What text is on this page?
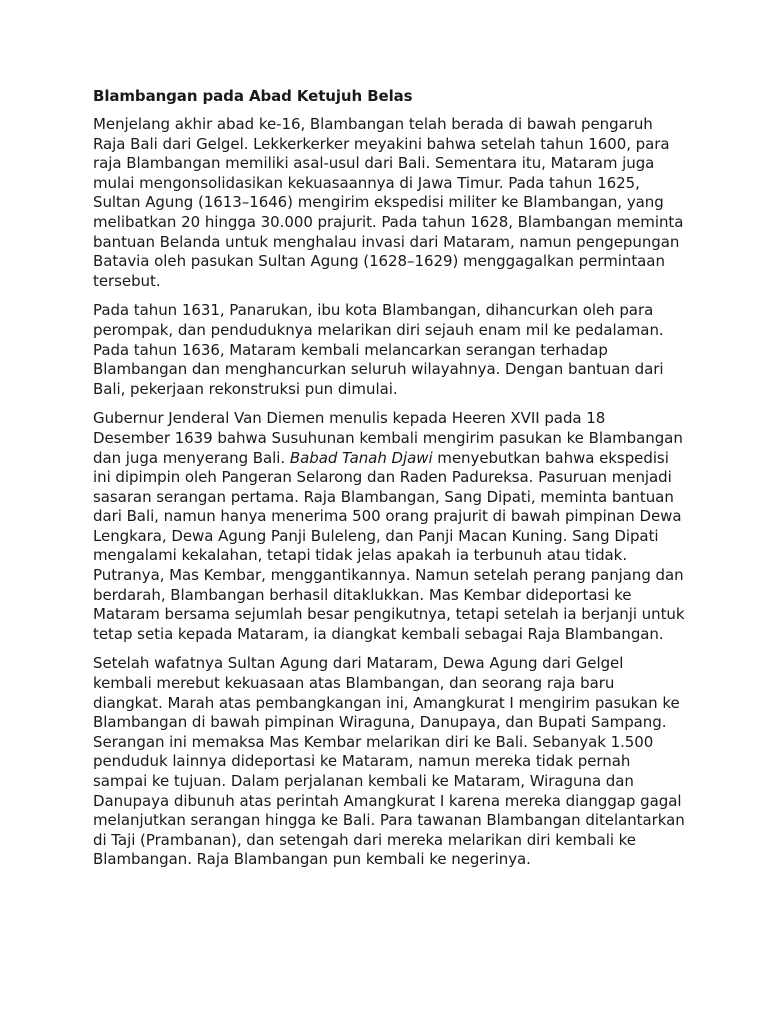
Blambangan pada Abad Ketujuh Belas

Menjelang akhir abad ke-16, Blambangan telah berada di bawah pengaruh Raja Bali dari Gelgel. Lekkerkerker meyakini bahwa setelah tahun 1600, para raja Blambangan memiliki asal-usul dari Bali. Sementara itu, Mataram juga mulai mengonsolidasikan kekuasaannya di Jawa Timur. Pada tahun 1625, Sultan Agung (1613–1646) mengirim ekspedisi militer ke Blambangan, yang melibatkan 20 hingga 30.000 prajurit. Pada tahun 1628, Blambangan meminta bantuan Belanda untuk menghalau invasi dari Mataram, namun pengepungan Batavia oleh pasukan Sultan Agung (1628–1629) menggagalkan permintaan tersebut.

Pada tahun 1631, Panarukan, ibu kota Blambangan, dihancurkan oleh para perompak, dan penduduknya melarikan diri sejauh enam mil ke pedalaman. Pada tahun 1636, Mataram kembali melancarkan serangan terhadap Blambangan dan menghancurkan seluruh wilayahnya. Dengan bantuan dari Bali, pekerjaan rekonstruksi pun dimulai.

Gubernur Jenderal Van Diemen menulis kepada Heeren XVII pada 18 Desember 1639 bahwa Susuhunan kembali mengirim pasukan ke Blambangan dan juga menyerang Bali. Babad Tanah Djawi menyebutkan bahwa ekspedisi ini dipimpin oleh Pangeran Selarong dan Raden Padureksa. Pasuruan menjadi sasaran serangan pertama. Raja Blambangan, Sang Dipati, meminta bantuan dari Bali, namun hanya menerima 500 orang prajurit di bawah pimpinan Dewa Lengkara, Dewa Agung Panji Buleleng, dan Panji Macan Kuning. Sang Dipati mengalami kekalahan, tetapi tidak jelas apakah ia terbunuh atau tidak. Putranya, Mas Kembar, menggantikannya. Namun setelah perang panjang dan berdarah, Blambangan berhasil ditaklukkan. Mas Kembar dideportasi ke Mataram bersama sejumlah besar pengikutnya, tetapi setelah ia berjanji untuk tetap setia kepada Mataram, ia diangkat kembali sebagai Raja Blambangan.

Setelah wafatnya Sultan Agung dari Mataram, Dewa Agung dari Gelgel kembali merebut kekuasaan atas Blambangan, dan seorang raja baru diangkat. Marah atas pembangkangan ini, Amangkurat I mengirim pasukan ke Blambangan di bawah pimpinan Wiraguna, Danupaya, dan Bupati Sampang. Serangan ini memaksa Mas Kembar melarikan diri ke Bali. Sebanyak 1.500 penduduk lainnya dideportasi ke Mataram, namun mereka tidak pernah sampai ke tujuan. Dalam perjalanan kembali ke Mataram, Wiraguna dan Danupaya dibunuh atas perintah Amangkurat I karena mereka dianggap gagal melanjutkan serangan hingga ke Bali. Para tawanan Blambangan ditelantarkan di Taji (Prambanan), dan setengah dari mereka melarikan diri kembali ke Blambangan. Raja Blambangan pun kembali ke negerinya.
